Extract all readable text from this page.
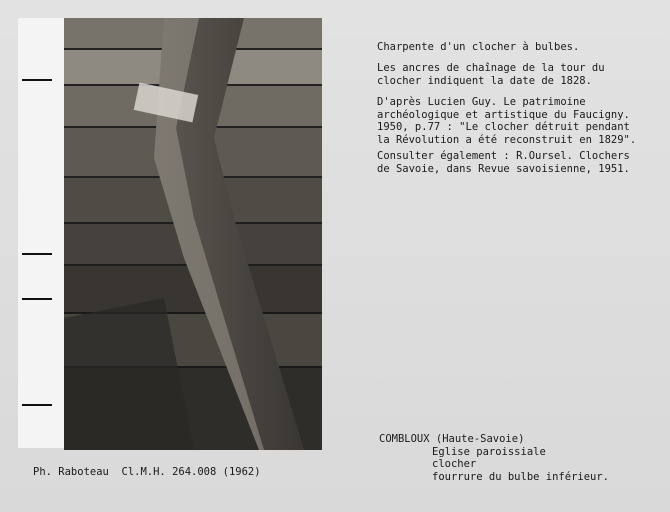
Charpente d'un clocher à bulbes.
Les ancres de chaînage de la tour du
clocher indiquent la date de 1828.
D'après Lucien Guy. Le patrimoine
archéologique et artistique du Faucigny.
1950, p.77 : "Le clocher détruit pendant
la Révolution a été reconstruit en 1829".
Consulter également : R.Oursel. Clochers
de Savoie, dans Revue savoisienne, 1951.
COMBLOUX (Haute-Savoie)

Eglise paroissiale
clocher
fourrure du bulbe inférieur.
Ph. Raboteau  Cl.M.H. 264.008 (1962)
